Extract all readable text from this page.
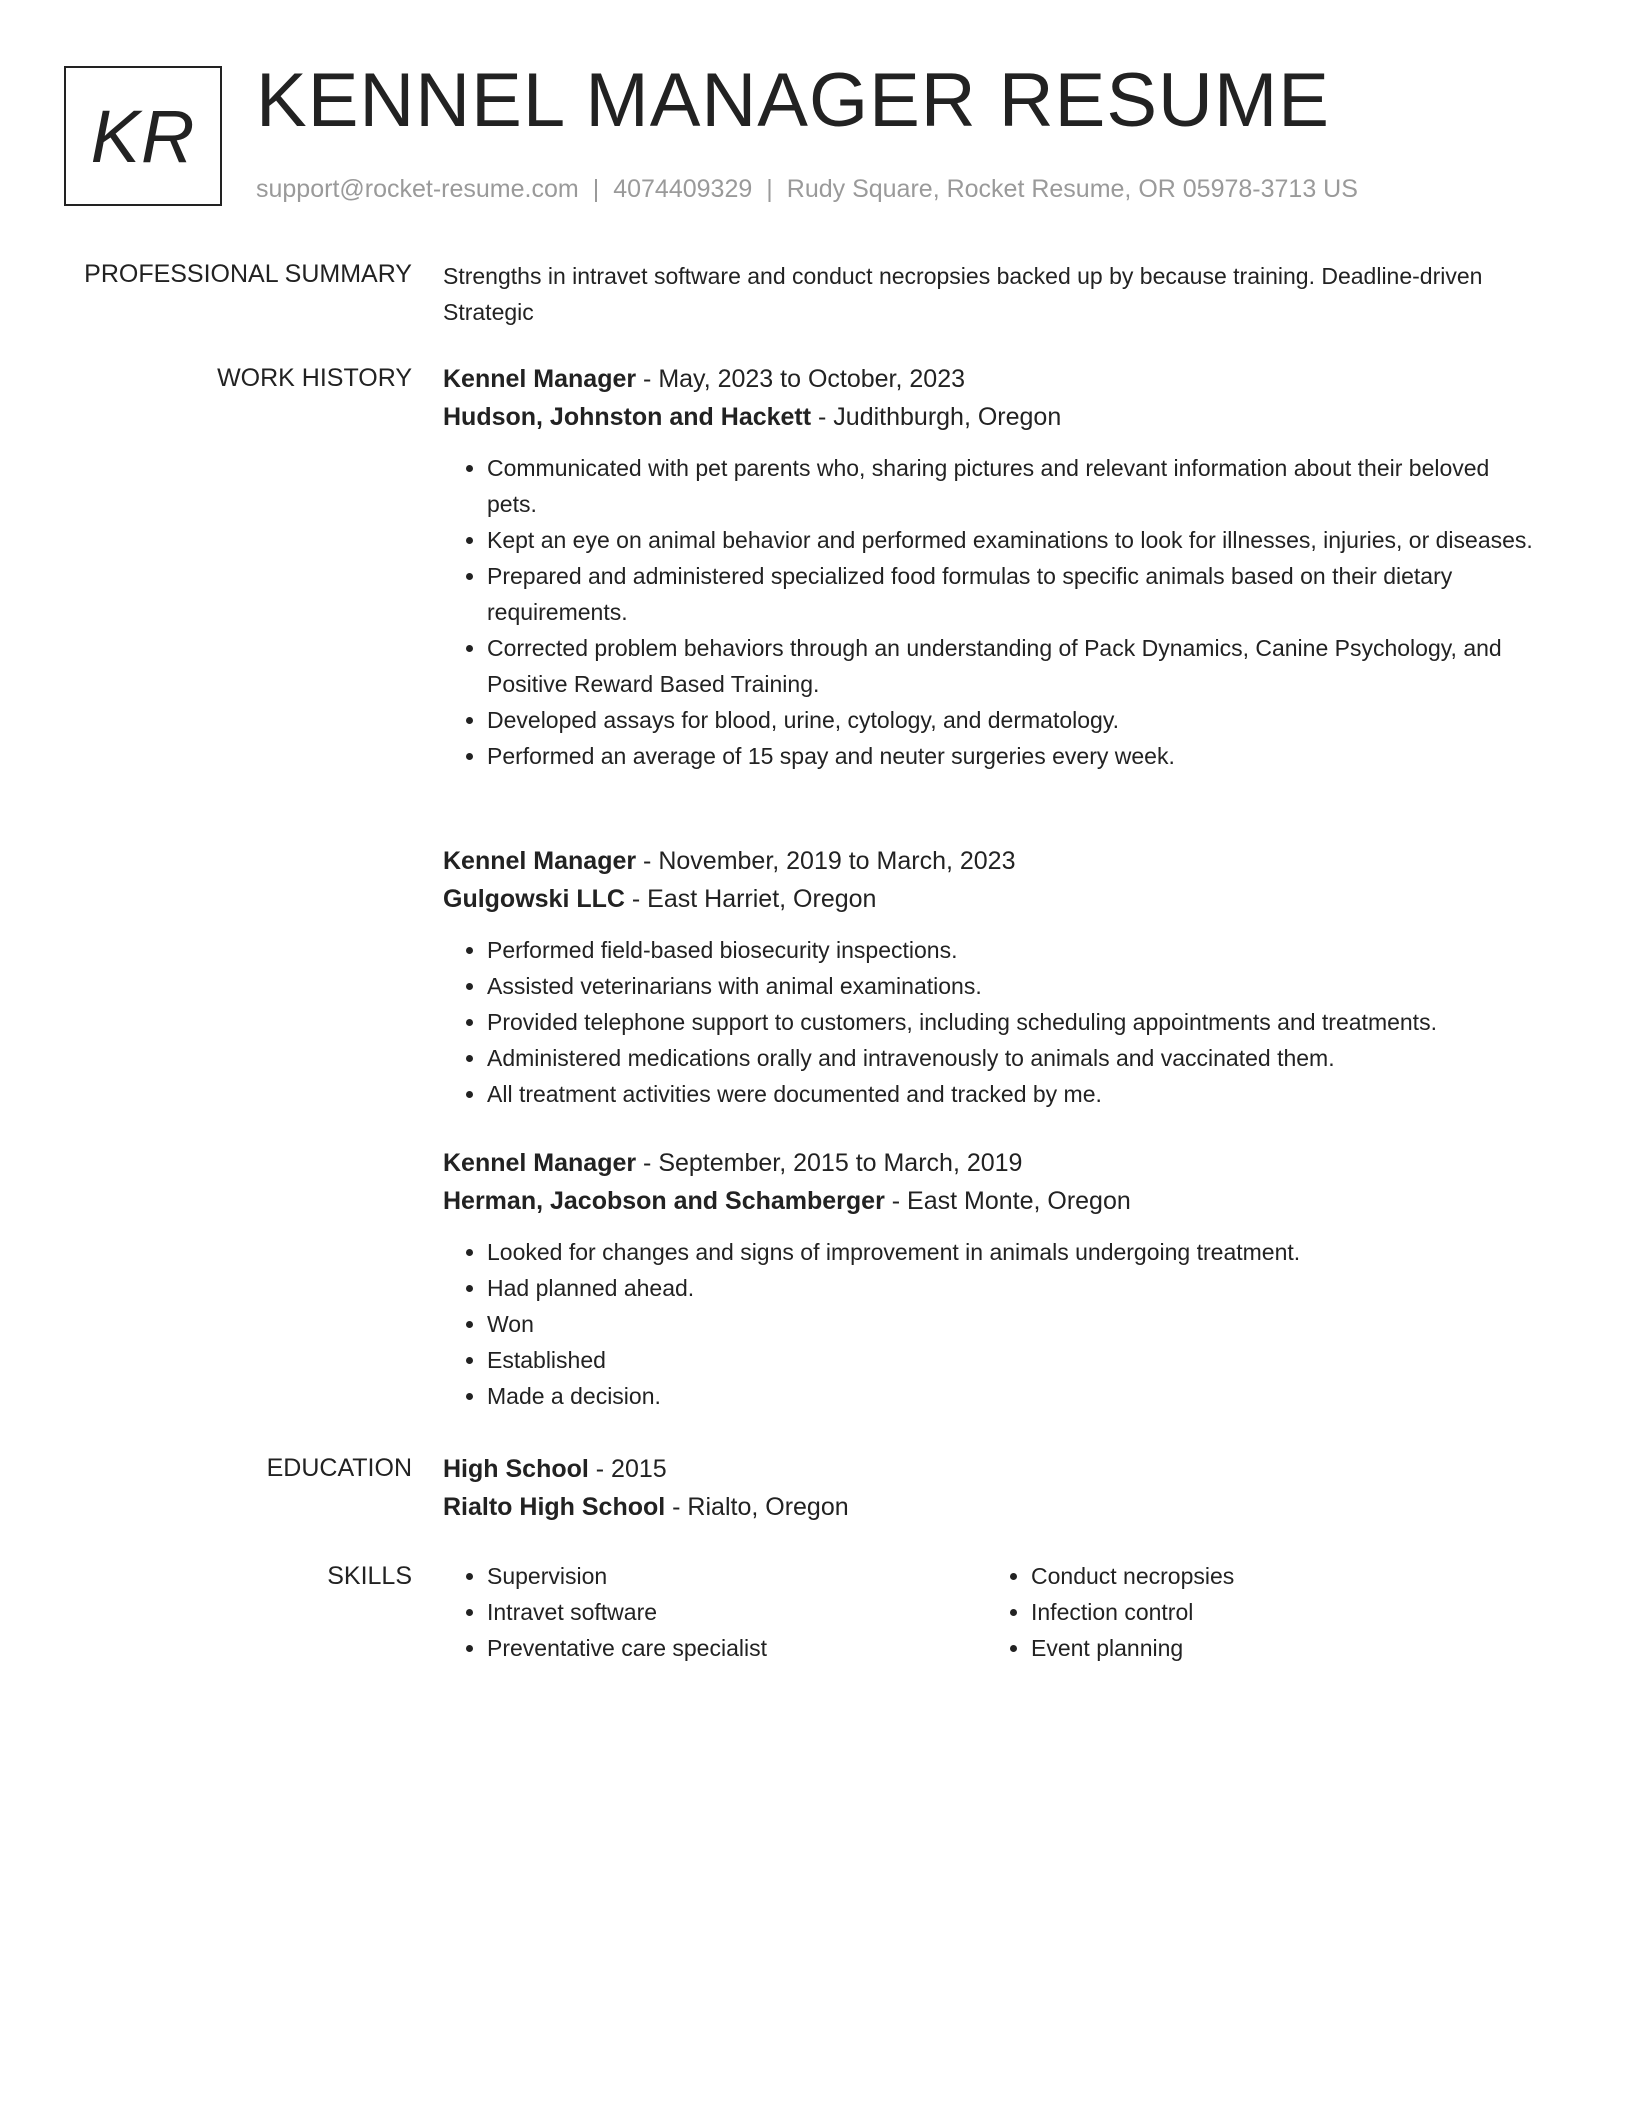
KR KENNEL MANAGER RESUME
support@rocket-resume.com | 4074409329 | Rudy Square, Rocket Resume, OR 05978-3713 US
PROFESSIONAL SUMMARY Strengths in intravet software and conduct necropsies backed up by because training. Deadline-driven Strategic
WORK HISTORY Kennel Manager - May, 2023 to October, 2023
Hudson, Johnston and Hackett - Judithburgh, Oregon
• Communicated with pet parents who, sharing pictures and relevant information about their beloved pets.
• Kept an eye on animal behavior and performed examinations to look for illnesses, injuries, or diseases.
• Prepared and administered specialized food formulas to specific animals based on their dietary requirements.
• Corrected problem behaviors through an understanding of Pack Dynamics, Canine Psychology, and Positive Reward Based Training.
• Developed assays for blood, urine, cytology, and dermatology.
• Performed an average of 15 spay and neuter surgeries every week.
Kennel Manager - November, 2019 to March, 2023
Gulgowski LLC - East Harriet, Oregon
• Performed field-based biosecurity inspections.
• Assisted veterinarians with animal examinations.
• Provided telephone support to customers, including scheduling appointments and treatments.
• Administered medications orally and intravenously to animals and vaccinated them.
• All treatment activities were documented and tracked by me.
Kennel Manager - September, 2015 to March, 2019
Herman, Jacobson and Schamberger - East Monte, Oregon
• Looked for changes and signs of improvement in animals undergoing treatment.
• Had planned ahead.
• Won
• Established
• Made a decision.
EDUCATION High School - 2015
Rialto High School - Rialto, Oregon
SKILLS
•	Supervision
• Intravet software
• Preventative care specialist
• Conduct necropsies
• Infection control
• Event planning
